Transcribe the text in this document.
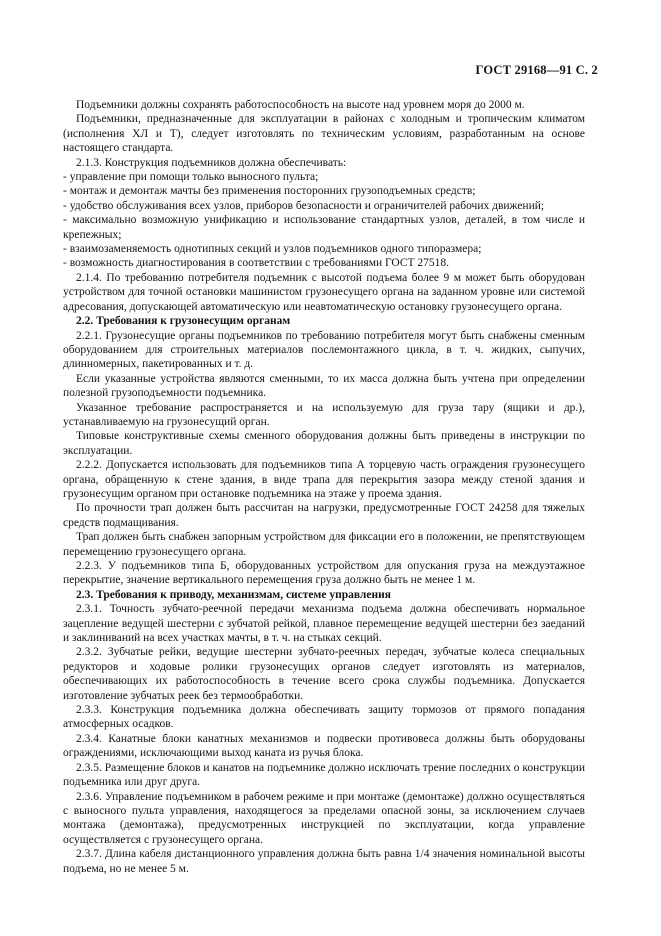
ГОСТ 29168—91 С. 2

Подъемники должны сохранять работоспособность на высоте над уровнем моря до 2000 м.

Подъемники, предназначенные для эксплуатации в районах с холодным и тропическим климатом (исполнения ХЛ и Т), следует изготовлять по техническим условиям, разработанным на основе настоящего стандарта.

2.1.3. Конструкция подъемников должна обеспечивать:

- управление при помощи только выносного пульта;

- монтаж и демонтаж мачты без применения посторонних грузоподъемных средств;

- удобство обслуживания всех узлов, приборов безопасности и ограничителей рабочих движений;

- максимально возможную унификацию и использование стандартных узлов, деталей, в том числе и крепежных;

- взаимозаменяемость однотипных секций и узлов подъемников одного типоразмера;

- возможность диагностирования в соответствии с требованиями ГОСТ 27518.

2.1.4. По требованию потребителя подъемник с высотой подъема более 9 м может быть оборудован устройством для точной остановки машинистом грузонесущего органа на заданном уровне или системой адресования, допускающей автоматическую или неавтоматическую остановку грузонесущего органа.

2.2. Требования к грузонесущим органам

2.2.1. Грузонесущие органы подъемников по требованию потребителя могут быть снабжены сменным оборудованием для строительных материалов послемонтажного цикла, в т. ч. жидких, сыпучих, длинномерных, пакетированных и т. д.

Если указанные устройства являются сменными, то их масса должна быть учтена при определении полезной грузоподъемности подъемника.

Указанное требование распространяется и на используемую для груза тару (ящики и др.), устанавливаемую на грузонесущий орган.

Типовые конструктивные схемы сменного оборудования должны быть приведены в инструкции по эксплуатации.

2.2.2. Допускается использовать для подъемников типа А торцевую часть ограждения грузонесущего органа, обращенную к стене здания, в виде трапа для перекрытия зазора между стеной здания и грузонесущим органом при остановке подъемника на этаже у проема здания.

По прочности трап должен быть рассчитан на нагрузки, предусмотренные ГОСТ 24258 для тяжелых средств подмащивания.

Трап должен быть снабжен запорным устройством для фиксации его в положении, не препятствующем перемещению грузонесущего органа.

2.2.3. У подъемников типа Б, оборудованных устройством для опускания груза на междуэтажное перекрытие, значение вертикального перемещения груза должно быть не менее 1 м.

2.3. Требования к приводу, механизмам, системе управления

2.3.1. Точность зубчато-реечной передачи механизма подъема должна обеспечивать нормальное зацепление ведущей шестерни с зубчатой рейкой, плавное перемещение ведущей шестерни без заеданий и заклиниваний на всех участках мачты, в т. ч. на стыках секций.

2.3.2. Зубчатые рейки, ведущие шестерни зубчато-реечных передач, зубчатые колеса специальных редукторов и ходовые ролики грузонесущих органов следует изготовлять из материалов, обеспечивающих их работоспособность в течение всего срока службы подъемника. Допускается изготовление зубчатых реек без термообработки.

2.3.3. Конструкция подъемника должна обеспечивать защиту тормозов от прямого попадания атмосферных осадков.

2.3.4. Канатные блоки канатных механизмов и подвески противовеса должны быть оборудованы ограждениями, исключающими выход каната из ручья блока.

2.3.5. Размещение блоков и канатов на подъемнике должно исключать трение последних о конструкции подъемника или друг друга.

2.3.6. Управление подъемником в рабочем режиме и при монтаже (демонтаже) должно осуществляться с выносного пульта управления, находящегося за пределами опасной зоны, за исключением случаев монтажа (демонтажа), предусмотренных инструкцией по эксплуатации, когда управление осуществляется с грузонесущего органа.

2.3.7. Длина кабеля дистанционного управления должна быть равна 1/4 значения номинальной высоты подъема, но не менее 5 м.
